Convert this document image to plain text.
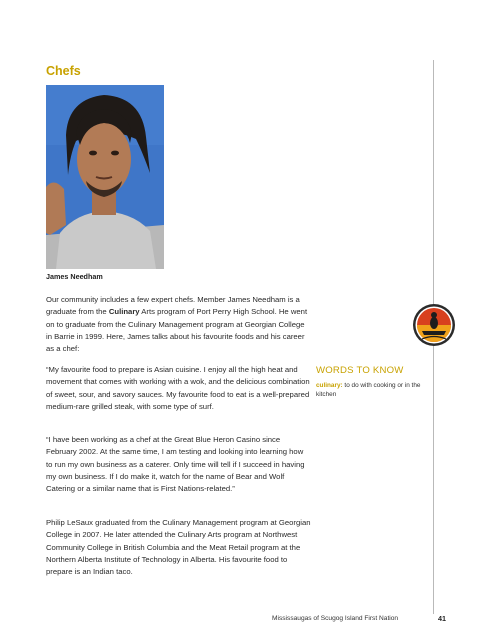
Chefs
James Needham

Our community includes a few expert chefs. Member James Needham is a graduate from the Culinary Arts program of Port Perry High School. He went on to graduate from the Culinary Management program at Georgian College in Barrie in 1999. Here, James talks about his favourite foods and his career as a chef:

“My favourite food to prepare is Asian cuisine. I enjoy all the high heat and movement that comes with working with a wok, and the delicious combination of sweet, sour, and savory sauces. My favourite food to eat is a well-prepared medium-rare grilled steak, with some type of surf.

“I have been working as a chef at the Great Blue Heron Casino since February 2002. At the same time, I am testing and looking into learning how to run my own business as a caterer. Only time will tell if I succeed in having my own business. If I do make it, watch for the name of Bear and Wolf Catering or a similar name that is First Nations-related.”

Philip LeSaux graduated from the Culinary Management program at Georgian College in 2007. He later attended the Culinary Arts program at Northwest Community College in British Columbia and the Meat Retail program at the Northern Alberta Institute of Technology in Alberta. His favourite food to prepare is an Indian taco.

WORDS TO KNOW
culinary: to do with cooking or in the kitchen
Mississaugas of Scugog Island First Nation	41
